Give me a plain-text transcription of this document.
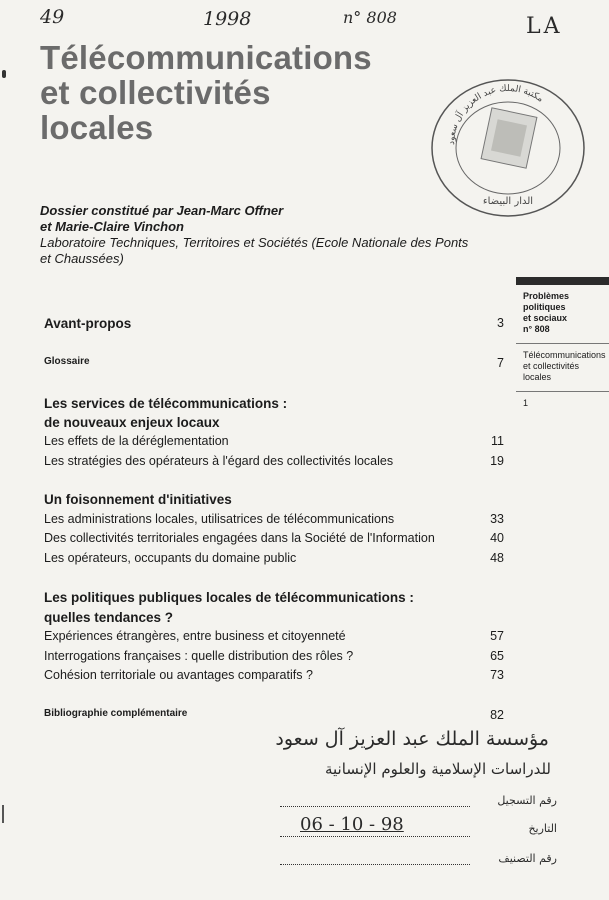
49	1998	n° 808	LA
Télécommunications
et collectivités
locales	مكتبة الملك عبد العزيز آل سعود
الدار البيضاء
Dossier constitué par Jean-Marc Offner
et Marie-Claire Vinchon
Laboratoire Techniques, Territoires et Sociétés (Ecole Nationale des Ponts
et Chaussées)
Problèmes
politiques
et sociaux
n° 808
Télécommunications
et collectivités
locales
1
Avant-propos	3
Glossaire	7
Les services de télécommunications :
de nouveaux enjeux locaux
Les effets de la déréglementation	11
Les stratégies des opérateurs à l'égard des collectivités locales	19
Un foisonnement d'initiatives
Les administrations locales, utilisatrices de télécommunications	33
Des collectivités territoriales engagées dans la Société de l'Information	40
Les opérateurs, occupants du domaine public	48
Les politiques publiques locales de télécommunications :
quelles tendances ?
Expériences étrangères, entre business et citoyenneté	57
Interrogations françaises : quelle distribution des rôles ?	65
Cohésion territoriale ou avantages comparatifs ?	73
Bibliographie complémentaire	82
مؤسسة الملك عبد العزيز آل سعود
للدراسات الإسلامية والعلوم الإنسانية
رقم التسجيل
التاريخ
06 - 10 - 98
رقم التصنيف
